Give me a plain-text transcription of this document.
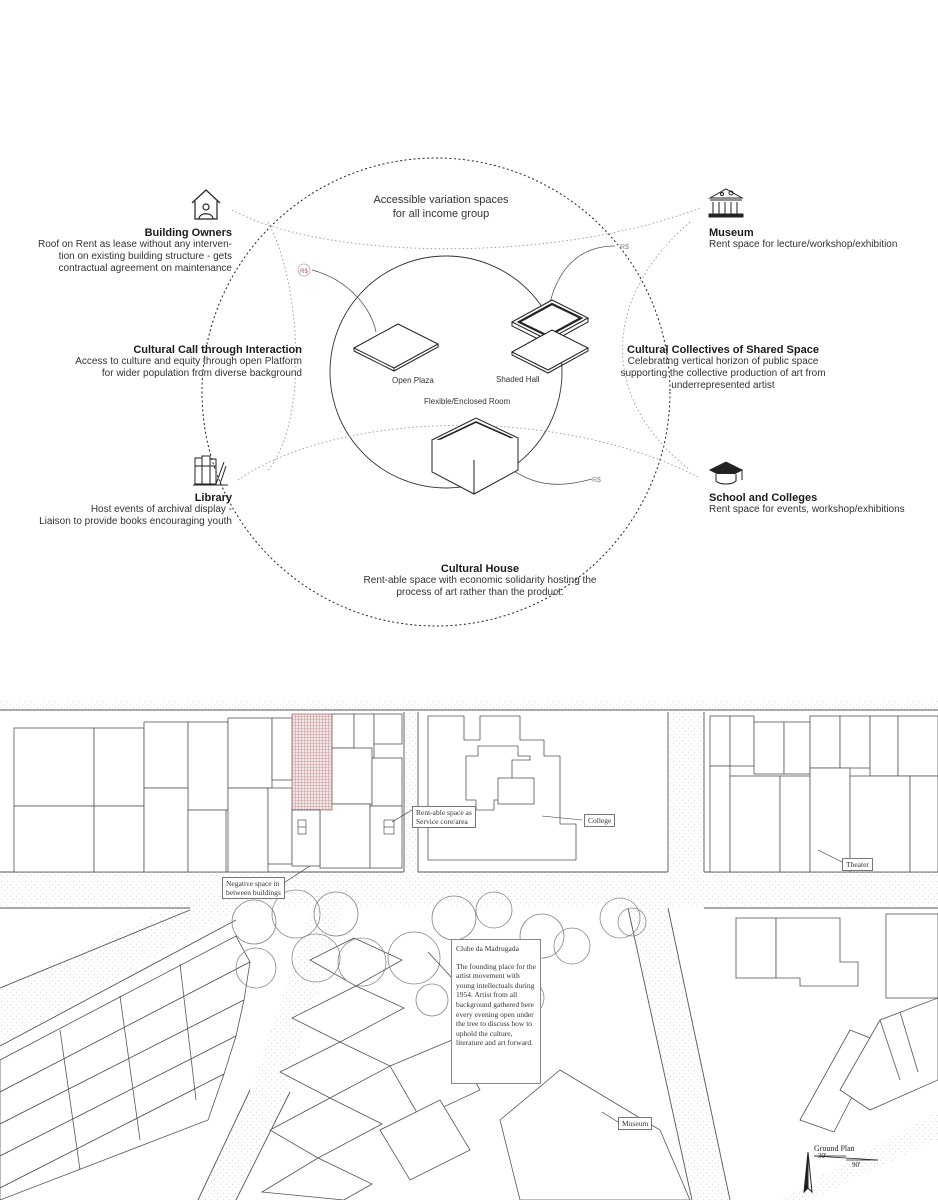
R$
R$
R$
Accessible variation spaces
for all income group
Building Owners
Roof on Rent as lease without any interven-
tion on existing building structure - gets
contractual agreement on maintenance
Cultural Call through Interaction
Access to culture and equity through open Platform
for wider population from diverse background
Library
Host events of archival display -
Liaison to provide books encouraging youth
Museum
Rent space for lecture/workshop/exhibition
Cultural Collectives of Shared Space
Celebrating vertical horizon of public space
supporting the collective production of art from
underrepresented artist
School and Colleges
Rent space for events, workshop/exhibitions
Cultural House
Rent-able space with economic solidarity hosting the
process of art rather than the product.
Open Plaza	Shaded Hall
Flexible/Enclosed Room
Rent-able space as
Service core/area
Negative space in
between buildings
College
Theater
Museum
Clube da Madrugada
The founding place for the artist movement with young intellectuals during 1954. Artist from all background gathered here every evening open under the tree to discuss how to uphold the culture, literature and art forward.
Ground Plan
30'
90'
